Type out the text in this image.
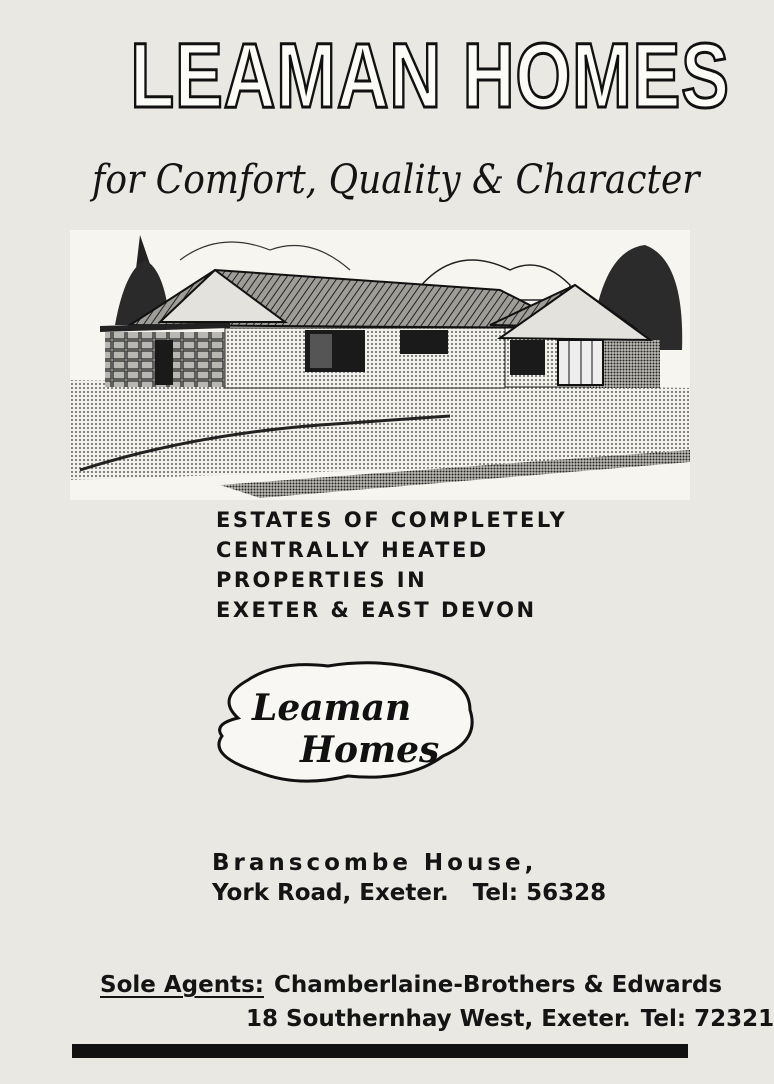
LEAMAN HOMES
for Comfort, Quality & Character
ESTATES OF COMPLETELY
CENTRALLY HEATED
PROPERTIES IN
EXETER & EAST DEVON
Leaman
Homes
Branscombe House,
York Road, Exeter. Tel: 56328
Sole Agents: Chamberlaine-Brothers & Edwards
18 Southernhay West, Exeter. Tel: 72321
